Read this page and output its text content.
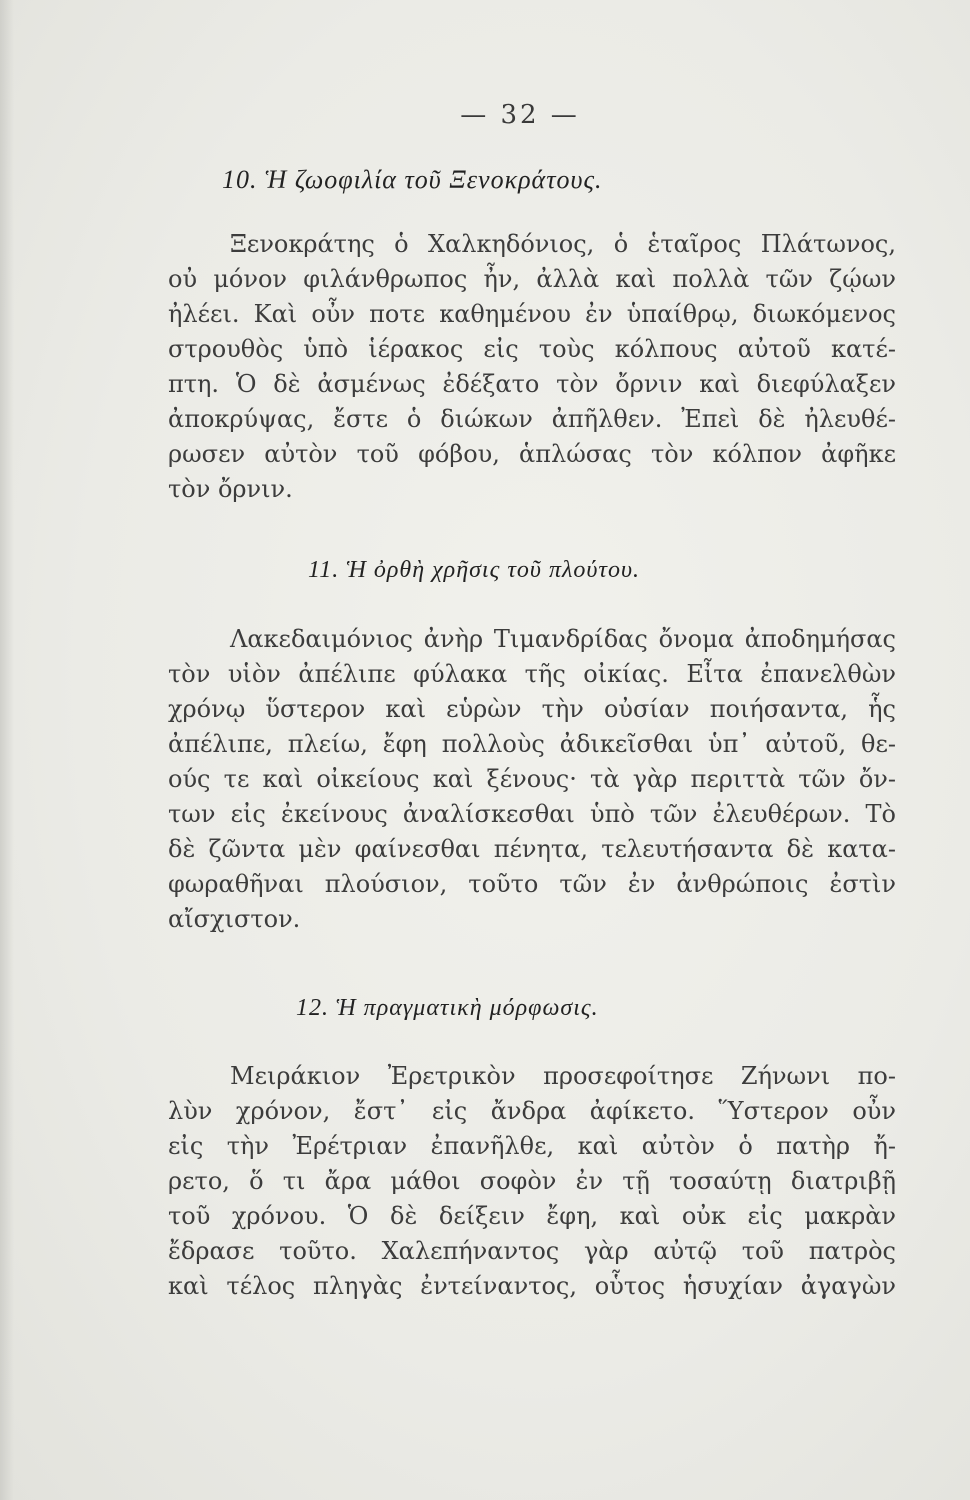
— 32 —
10. Ἡ ζωοφιλία τοῦ Ξενοκράτους.
Ξενοκράτης ὁ Χαλκηδόνιος, ὁ ἑταῖρος Πλάτωνος,
οὐ μόνον φιλάνθρωπος ἦν, ἀλλὰ καὶ πολλὰ τῶν ζῴων
ἠλέει. Καὶ οὖν ποτε καθημένου ἐν ὑπαίθρῳ, διωκόμενος
στρουθὸς ὑπὸ ἱέρακος εἰς τοὺς κόλπους αὐτοῦ κατέ-
πτη. Ὁ δὲ ἀσμένως ἐδέξατο τὸν ὄρνιν καὶ διεφύλαξεν
ἀποκρύψας, ἔστε ὁ διώκων ἀπῆλθεν. Ἐπεὶ δὲ ἠλευθέ-
ρωσεν αὐτὸν τοῦ φόβου, ἁπλώσας τὸν κόλπον ἀφῆκε
τὸν ὄρνιν.
11. Ἡ ὀρθὴ χρῆσις τοῦ πλούτου.
Λακεδαιμόνιος ἀνὴρ Τιμανδρίδας ὄνομα ἀποδημήσας
τὸν υἱὸν ἀπέλιπε φύλακα τῆς οἰκίας. Εἶτα ἐπανελθὼν
χρόνῳ ὕστερον καὶ εὑρὼν τὴν οὐσίαν ποιήσαντα, ἧς
ἀπέλιπε, πλείω, ἔφη πολλοὺς ἀδικεῖσθαι ὑπ᾿ αὐτοῦ, θε-
ούς τε καὶ οἰκείους καὶ ξένους· τὰ γὰρ περιττὰ τῶν ὄν-
των εἰς ἐκείνους ἀναλίσκεσθαι ὑπὸ τῶν ἐλευθέρων. Τὸ
δὲ ζῶντα μὲν φαίνεσθαι πένητα, τελευτήσαντα δὲ κατα-
φωραθῆναι πλούσιον, τοῦτο τῶν ἐν ἀνθρώποις ἐστὶν
αἴσχιστον.
12. Ἡ πραγματικὴ μόρφωσις.
Μειράκιον Ἐρετρικὸν προσεφοίτησε Ζήνωνι πο-
λὺν χρόνον, ἔστ᾿ εἰς ἄνδρα ἀφίκετο. Ὕστερον οὖν
εἰς τὴν Ἐρέτριαν ἐπανῆλθε, καὶ αὐτὸν ὁ πατὴρ ἤ-
ρετο, ὅ τι ἄρα μάθοι σοφὸν ἐν τῇ τοσαύτῃ διατριβῇ
τοῦ χρόνου. Ὁ δὲ δείξειν ἔφη, καὶ οὐκ εἰς μακρὰν
ἔδρασε τοῦτο. Χαλεπήναντος γὰρ αὐτῷ τοῦ πατρὸς
καὶ τέλος πληγὰς ἐντείναντος, οὗτος ἡσυχίαν ἀγαγὼν
